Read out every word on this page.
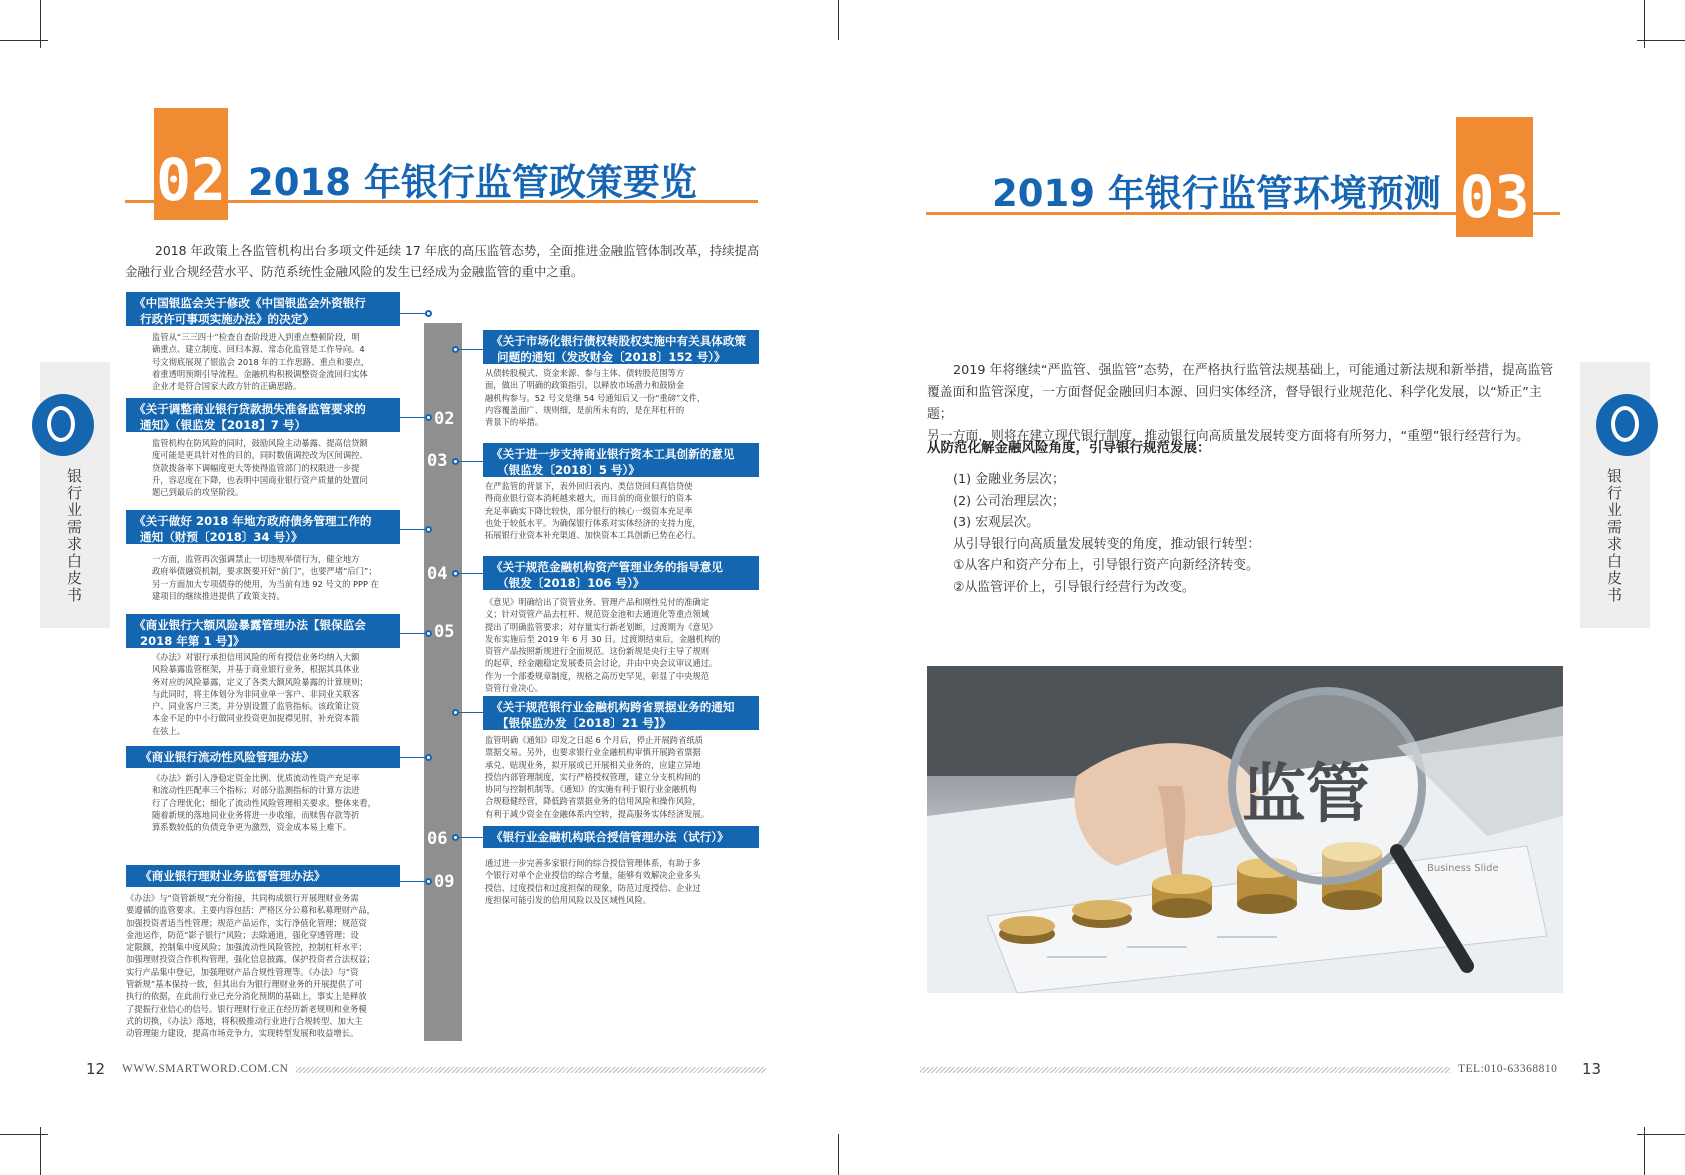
02 2018 年银行监管政策要览
2018 年政策上各监管机构出台多项文件延续 17 年底的高压监管态势，全面推进金融监管体制改革，持续提高
金融行业合规经营水平、防范系统性金融风险的发生已经成为金融监管的重中之重。
《中国银监会关于修改《中国银监会外资银行
行政许可事项实施办法》的决定》	01
监管从“三三四十”检查自查阶段进入到重点整顿阶段，明
确重点、建立制度、回归本源、常态化监管是工作导向。4
号文彻底展现了银监会 2018 年的工作思路、重点和要点，
着重透明预期引导流程。金融机构积极调整资金流回归实体
企业才是符合国家大政方针的正确思路。
《关于调整商业银行贷款损失准备监管要求的
通知》（银监发【2018】7 号）	02
监管机构在防风险的同时，鼓励风险主动暴露、提高信贷额
度可能是更具针对性的目的，同时数值调控改为区间调控、
贷款拨备率下调幅度更大等使得监管部门的权限进一步提
升，容忍度在下降，也表明中国商业银行资产质量的处置问
题已到最后的攻坚阶段。
《关于做好 2018 年地方政府债务管理工作的
通知（财预〔2018〕34 号）》
一方面，监管再次强调禁止一切违规举债行为，健全地方
政府举债融资机制，要求既要开好“前门”，也要严堵“后门”；
另一方面加大专项债券的使用，为当前有违 92 号文的 PPP 在
建项目的继续推进提供了政策支持。
《商业银行大额风险暴露管理办法【银保监会
2018 年第 1 号】》	05
《办法》对银行承担信用风险的所有授信业务均纳入大额
风险暴露监管框架，并基于商业银行业务，根据其具体业
务对应的风险暴露，定义了各类大额风险暴露的计算规则；
与此同时，将主体划分为非同业单一客户、非同业关联客
户、同业客户三类，并分别设置了监管指标。该政策让资
本金不足的中小行做同业投资更加捉襟见肘，补充资本箭
在弦上。
《商业银行流动性风险管理办法》
《办法》新引入净稳定资金比例、优质流动性资产充足率
和流动性匹配率三个指标；对部分监测指标的计算方法进
行了合理优化；细化了流动性风险管理相关要求。整体来看，
随着新规的落地同业业务将进一步收缩，而赎售存款等折
算系数较低的负债竞争更为激烈，资金成本易上难下。
《商业银行理财业务监督管理办法》	09
《办法》与“资管新规”充分衔接，共同构成银行开展理财业务需
要遵循的监管要求。主要内容包括：严格区分公募和私募理财产品，
加强投资者适当性管理；规范产品运作，实行净值化管理；规范资
金池运作，防范“影子银行”风险；去除通道，强化穿透管理；设
定限额，控制集中度风险；加强流动性风险管控，控制杠杆水平；
加强理财投资合作机构管理，强化信息披露，保护投资者合法权益；
实行产品集中登记，加强理财产品合规性管理等。《办法》与“资
管新规”基本保持一致，但其出台为银行理财业务的开展提供了可
执行的依据，在此前行业已充分消化预期的基础上，事实上是释放
了提振行业信心的信号。银行理财行业正在经历新老规则和业务模
式的切换，《办法》落地，将积极推动行业进行合规转型、加大主
动管理能力建设，提高市场竞争力，实现转型发展和收益增长。
《关于市场化银行债权转股权实施中有关具体政策
问题的通知（发改财金〔2018〕152 号）》
从债转股模式、资金来源、参与主体、债转股范围等方
面，做出了明确的政策指引，以释放市场潜力和鼓励金
融机构参与。52 号文是继 54 号通知后又一份“重磅”文件，
内容覆盖面广、规则细，是前所未有的，是在拜杠杆的
背景下的举措。
《关于进一步支持商业银行资本工具创新的意见
（银监发〔2018〕5 号）》
03
在严监管的背景下，表外回归表内、类信贷回归真信贷使
得商业银行资本消耗越来越大，而目前的商业银行的资本
充足率确实下降比较快，部分银行的核心一级资本充足率
也处于较低水平。为确保银行体系对实体经济的支持力度，
拓展银行业资本补充渠道、加快资本工具创新已势在必行。
《关于规范金融机构资产管理业务的指导意见
（银发〔2018〕106 号）》
04
《意见》明确给出了资管业务、管理产品和刚性兑付的准确定
义；针对资管产品去杠杆、规范资金池和去通道化等重点领域
提出了明确监管要求；对存量实行新老划断，过渡期为《意见》
发布实施后至 2019 年 6 月 30 日。过渡期结束后，金融机构的
资管产品按照新规进行全面规范。这份新规是央行主导了规则
的起草，经金融稳定发展委员会讨论，并由中央会议审议通过。
作为一个部委规章制度，规格之高历史罕见，彰显了中央规范
资管行业决心。
《关于规范银行业金融机构跨省票据业务的通知
【银保监办发〔2018〕21 号】》
监管明确《通知》印发之日起 6 个月后，停止开展跨省纸质
票据交易。另外，也要求银行业金融机构审慎开展跨省票据
承兑、贴现业务，拟开展或已开展相关业务的，应建立异地
授信内部管理制度，实行严格授权管理，建立分支机构间的
协同与控制机制等。《通知》的实施有利于银行业金融机构
合规稳健经营，降低跨省票据业务的信用风险和操作风险，
有利于减少资金在金融体系内空转，提高服务实体经济发展。
《银行业金融机构联合授信管理办法（试行）》
06
通过进一步完善多家银行间的综合授信管理体系，有助于多
个银行对单个企业授信的综合考量，能够有效解决企业多头
授信、过度授信和过度担保的现象，防范过度授信、企业过
度担保可能引发的信用风险以及区域性风险。
银行业需求白皮书
12 WWW.SMARTWORD.COM.CN
03
2019 年银行监管环境预测
2019 年将继续“严监管、强监管”态势，在严格执行监管法规基础上，可能通过新法规和新举措，提高监管
覆盖面和监管深度，一方面督促金融回归本源、回归实体经济，督导银行业规范化、科学化发展，以“矫正”主题；
另一方面，则将在建立现代银行制度、推动银行向高质量发展转变方面将有所努力，“重塑”银行经营行为。
从防范化解金融风险角度，引导银行规范发展：
(1) 金融业务层次；
(2) 公司治理层次；
(3) 宏观层次。
从引导银行向高质量发展转变的角度，推动银行转型：
①从客户和资产分布上，引导银行资产向新经济转变。
②从监管评价上，引导银行经营行为改变。
Business Slide
监管
银行业需求白皮书
TEL:010-63368810 13
